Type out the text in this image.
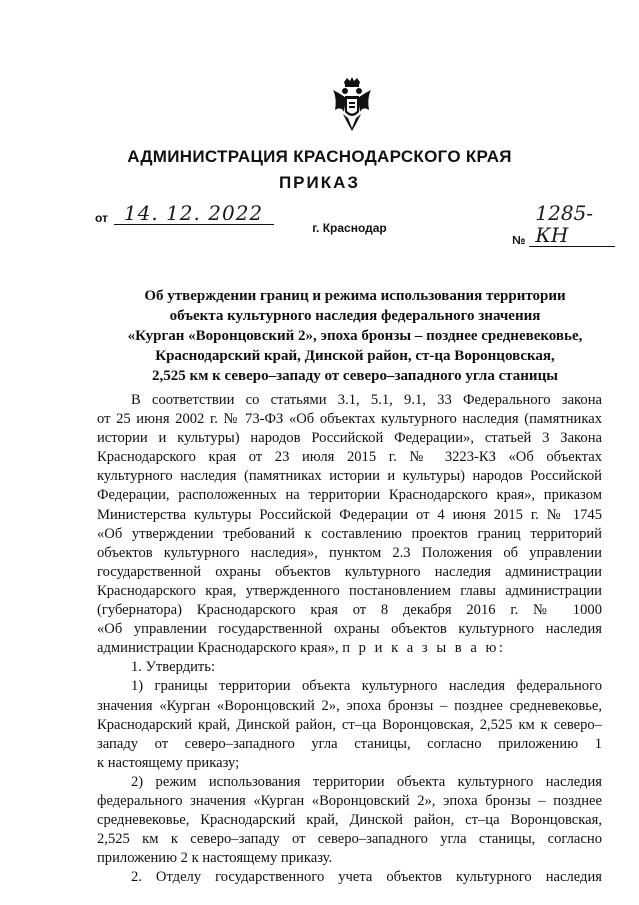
АДМИНИСТРАЦИЯ КРАСНОДАРСКОГО КРАЯ
ПРИКАЗ
от 14. 12. 2022
№
1285-КН
г. Краснодар
Об утверждении границ и режима использования территории
объекта культурного наследия федерального значения
«Курган «Воронцовский 2», эпоха бронзы – позднее средневековье,
Краснодарский край, Динской район, ст-ца Воронцовская,
2,525 км к северо–западу от северо–западного угла станицы
В соответствии со статьями 3.1, 5.1, 9.1, 33 Федерального закона
от 25 июня 2002 г. № 73-ФЗ «Об объектах культурного наследия (памятниках
истории и культуры) народов Российской Федерации», статьей 3 Закона
Краснодарского края от 23 июля 2015 г. № 3223-КЗ «Об объектах
культурного наследия (памятниках истории и культуры) народов Российской
Федерации, расположенных на территории Краснодарского края», приказом
Министерства культуры Российской Федерации от 4 июня 2015 г. № 1745
«Об утверждении требований к составлению проектов границ территорий
объектов культурного наследия», пунктом 2.3 Положения об управлении
государственной охраны объектов культурного наследия администрации
Краснодарского края, утвержденного постановлением главы администрации
(губернатора) Краснодарского края от 8 декабря 2016 г. № 1000
«Об управлении государственной охраны объектов культурного наследия
администрации Краснодарского края», п р и к а з ы в а ю:
1. Утвердить:
1) границы территории объекта культурного наследия федерального
значения «Курган «Воронцовский 2», эпоха бронзы – позднее средневековье,
Краснодарский край, Динской район, ст–ца Воронцовская, 2,525 км к северо–
западу от северо–западного угла станицы, согласно приложению 1
к настоящему приказу;
2) режим использования территории объекта культурного наследия
федерального значения «Курган «Воронцовский 2», эпоха бронзы – позднее
средневековье, Краснодарский край, Динской район, ст–ца Воронцовская,
2,525 км к северо–западу от северо–западного угла станицы, согласно
приложению 2 к настоящему приказу.
2. Отделу государственного учета объектов культурного наследия
